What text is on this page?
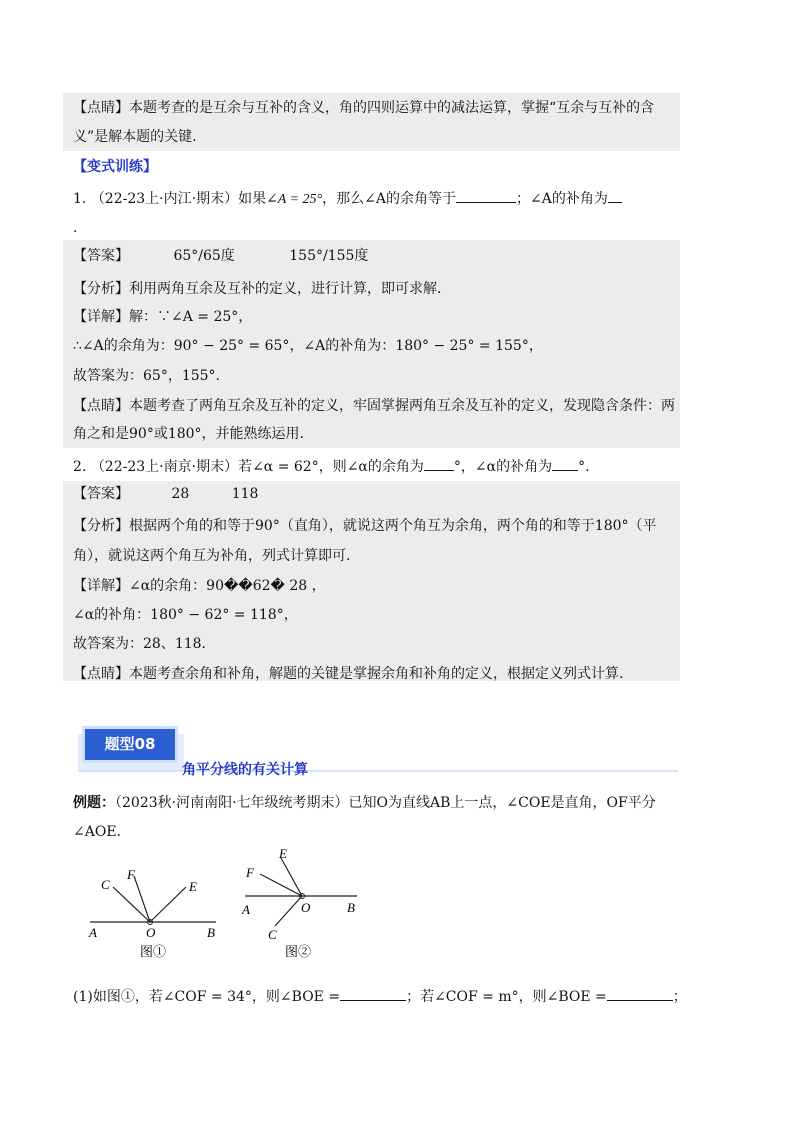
【点睛】本题考查的是互余与互补的含义，角的四则运算中的减法运算，掌握“互余与互补的含
义”是解本题的关键.
【变式训练】
1. （22-23上·内江·期末）如果∠A = 25°，那么∠A的余角等于	；∠A的补角为
.
【答案】	65°/65度	155°/155度
【分析】利用两角互余及互补的定义，进行计算，即可求解.
【详解】解：∵∠A = 25°，
∴∠A的余角为：90° − 25° = 65°，∠A的补角为：180° − 25° = 155°，
故答案为：65°，155°.
【点睛】本题考查了两角互余及互补的定义，牢固掌握两角互余及互补的定义，发现隐含条件：两
角之和是90°或180°，并能熟练运用.
2. （22-23上·南京·期末）若∠α = 62°，则∠α的余角为 °，∠α的补角为 °.
【答案】	28	118
【分析】根据两个角的和等于90°（直角），就说这两个角互为余角，两个角的和等于180°（平
角），就说这两个角互为补角，列式计算即可.
【详解】∠α的余角：90��62� 28 ，
∠α的补角：180° − 62° = 118°，
故答案为：28、118.
【点睛】本题考查余角和补角，解题的关键是掌握余角和补角的定义，根据定义列式计算.
题型08
角平分线的有关计算
例题：（2023秋·河南南阳·七年级统考期末）已知O为直线AB上一点，∠COE是直角，OF平分
∠AOE.
A	O	B
C
F
E
图①
A	O	B
C
F
E
图②
(1)如图①，若∠COF = 34°，则∠BOE =	；若∠COF = m°，则∠BOE =	；
